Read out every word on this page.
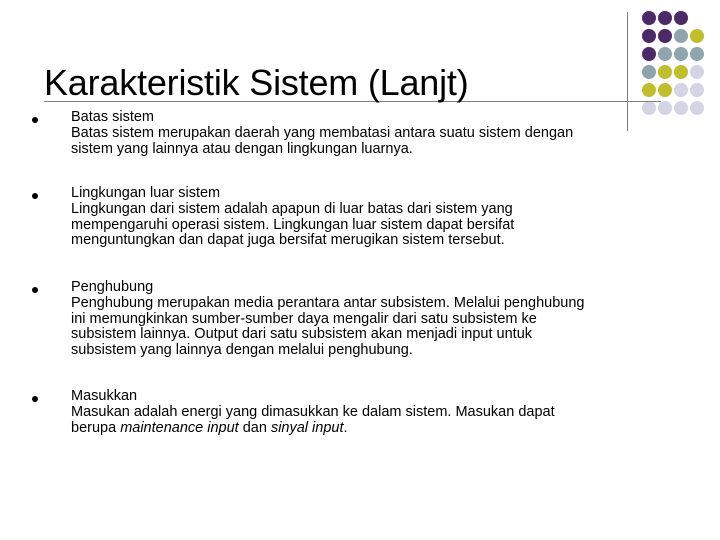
Karakteristik Sistem (Lanjt)
Batas sistem
Batas sistem merupakan daerah yang membatasi antara suatu sistem dengan
sistem yang lainnya atau dengan lingkungan luarnya.
Lingkungan luar sistem
Lingkungan dari sistem adalah apapun di luar batas dari sistem yang
mempengaruhi operasi sistem. Lingkungan luar sistem dapat bersifat
menguntungkan dan dapat juga bersifat merugikan sistem tersebut.
Penghubung
Penghubung merupakan media perantara antar subsistem. Melalui penghubung
ini memungkinkan sumber-sumber daya mengalir dari satu subsistem ke
subsistem lainnya. Output dari satu subsistem akan menjadi input untuk
subsistem yang lainnya dengan melalui penghubung.
Masukkan
Masukan adalah energi yang dimasukkan ke dalam sistem. Masukan dapat
berupa maintenance input dan sinyal input.
